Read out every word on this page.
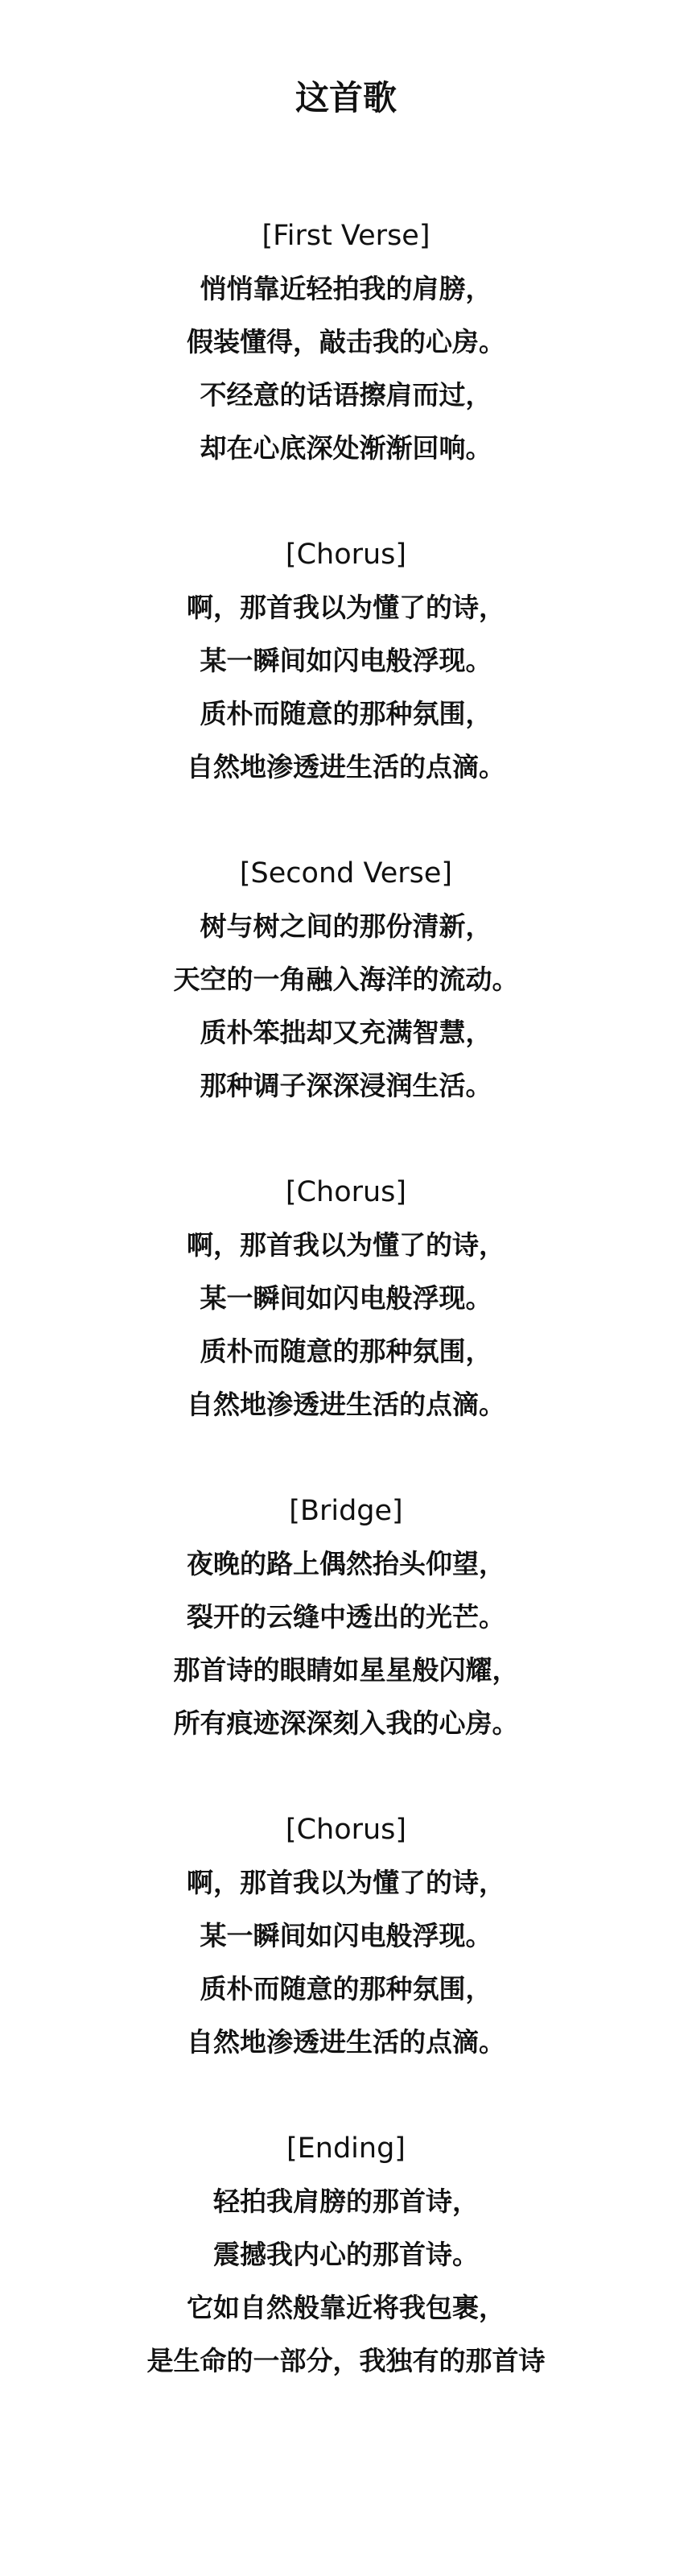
这首歌

[First Verse]

悄悄靠近轻拍我的肩膀，

假装懂得，敲击我的心房。

不经意的话语擦肩而过，

却在心底深处渐渐回响。

[Chorus]

啊，那首我以为懂了的诗，

某一瞬间如闪电般浮现。

质朴而随意的那种氛围，

自然地渗透进生活的点滴。

[Second Verse]

树与树之间的那份清新，

天空的一角融入海洋的流动。

质朴笨拙却又充满智慧，

那种调子深深浸润生活。

[Chorus]

啊，那首我以为懂了的诗，

某一瞬间如闪电般浮现。

质朴而随意的那种氛围，

自然地渗透进生活的点滴。

[Bridge]

夜晚的路上偶然抬头仰望，

裂开的云缝中透出的光芒。

那首诗的眼睛如星星般闪耀，

所有痕迹深深刻入我的心房。

[Chorus]

啊，那首我以为懂了的诗，

某一瞬间如闪电般浮现。

质朴而随意的那种氛围，

自然地渗透进生活的点滴。

[Ending]

轻拍我肩膀的那首诗，

震撼我内心的那首诗。

它如自然般靠近将我包裹，

是生命的一部分，我独有的那首诗
